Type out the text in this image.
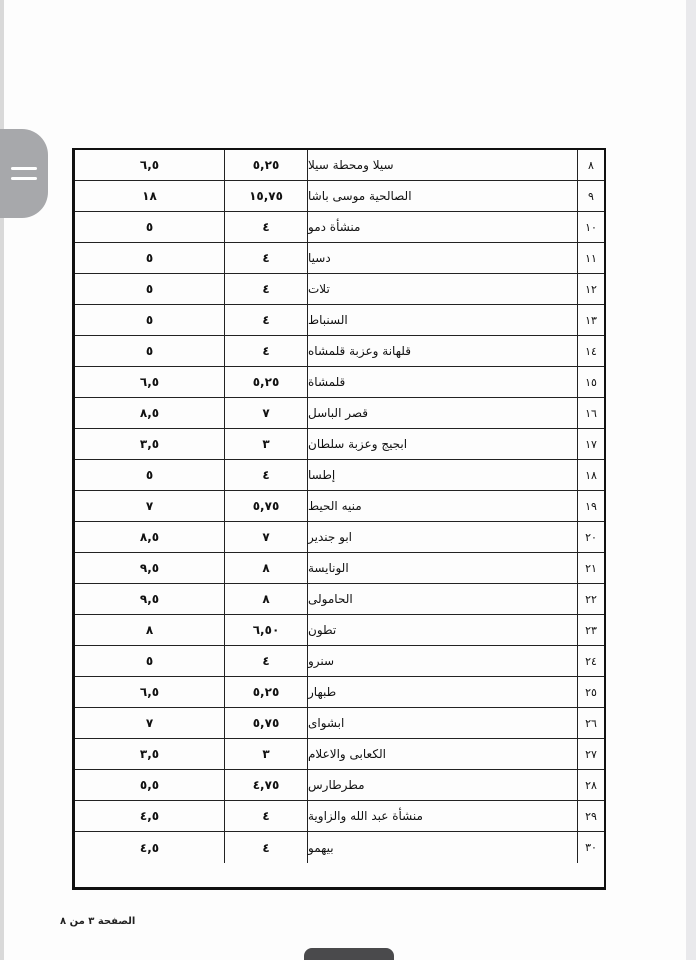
٦,٥	٥,٢٥	سيلا ومحطة سيلا	٨
١٨	١٥,٧٥	الصالحية موسى باشا	٩
٥	٤	منشأة دمو	١٠
٥	٤	دسيا	١١
٥	٤	تلات	١٢
٥	٤	السنباط	١٣
٥	٤	قلهانة وعزبة قلمشاه	١٤
٦,٥	٥,٢٥	قلمشاة	١٥
٨,٥	٧	قصر الباسل	١٦
٣,٥	٣	ابجيج وعزبة سلطان	١٧
٥	٤	إطسا	١٨
٧	٥,٧٥	منيه الحيط	١٩
٨,٥	٧	ابو جندير	٢٠
٩,٥	٨	الونايسة	٢١
٩,٥	٨	الحامولى	٢٢
٨	٦,٥٠	تطون	٢٣
٥	٤	سنرو	٢٤
٦,٥	٥,٢٥	طبهار	٢٥
٧	٥,٧٥	ابشواى	٢٦
٣,٥	٣	الكعابى والاعلام	٢٧
٥,٥	٤,٧٥	مطرطارس	٢٨
٤,٥	٤	منشأة عبد الله والزاوية	٢٩
٤,٥	٤	بيهمو	٣٠
الصفحة ٣ من ٨
